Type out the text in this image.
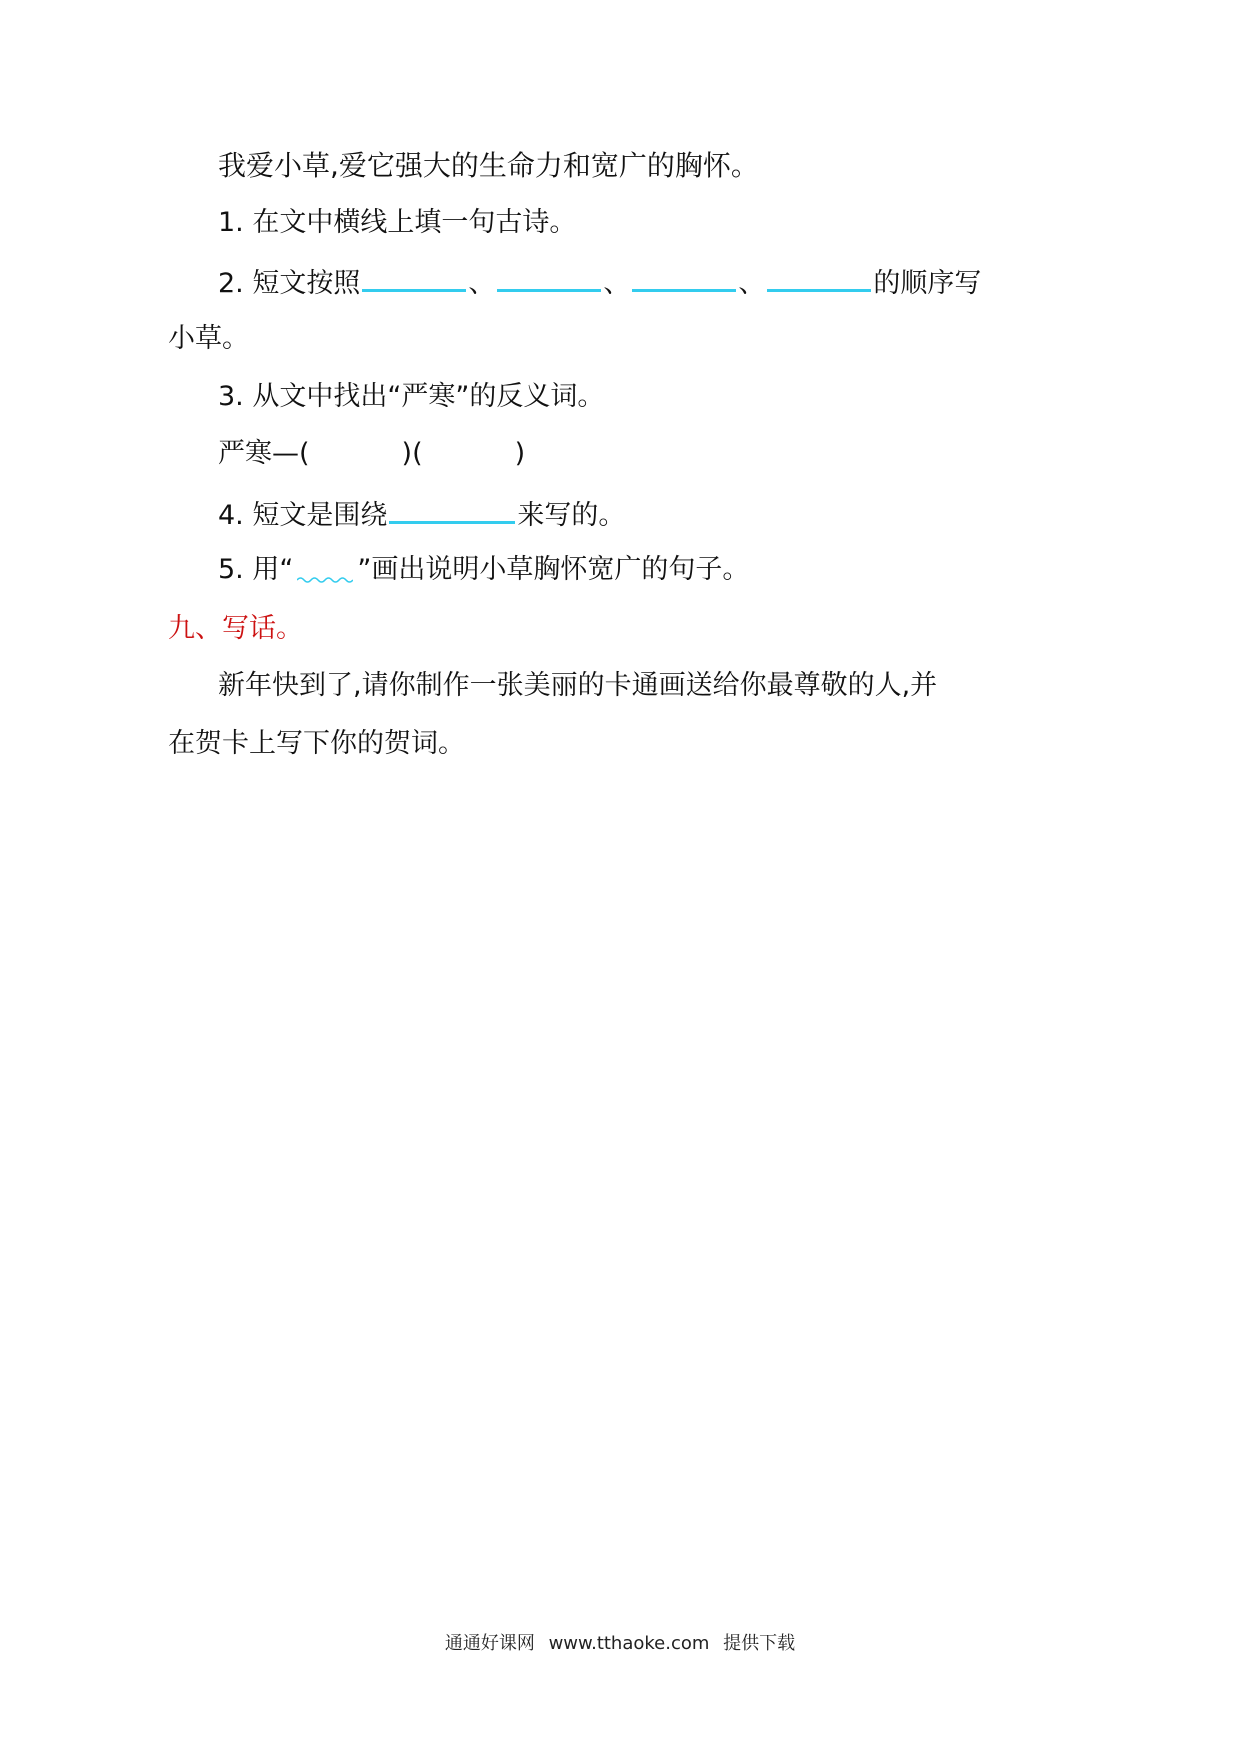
我爱小草,爱它强大的生命力和宽广的胸怀。
1. 在文中横线上填一句古诗。
2. 短文按照	、	、	、	的顺序写
小草。
3. 从文中找出“严寒”的反义词。
严寒—(	)(	)
4. 短文是围绕	来写的。
5. 用“ ”画出说明小草胸怀宽广的句子。
九、写话。
新年快到了,请你制作一张美丽的卡通画送给你最尊敬的人,并
在贺卡上写下你的贺词。
通通好课网 www.tthaoke.com 提供下载
